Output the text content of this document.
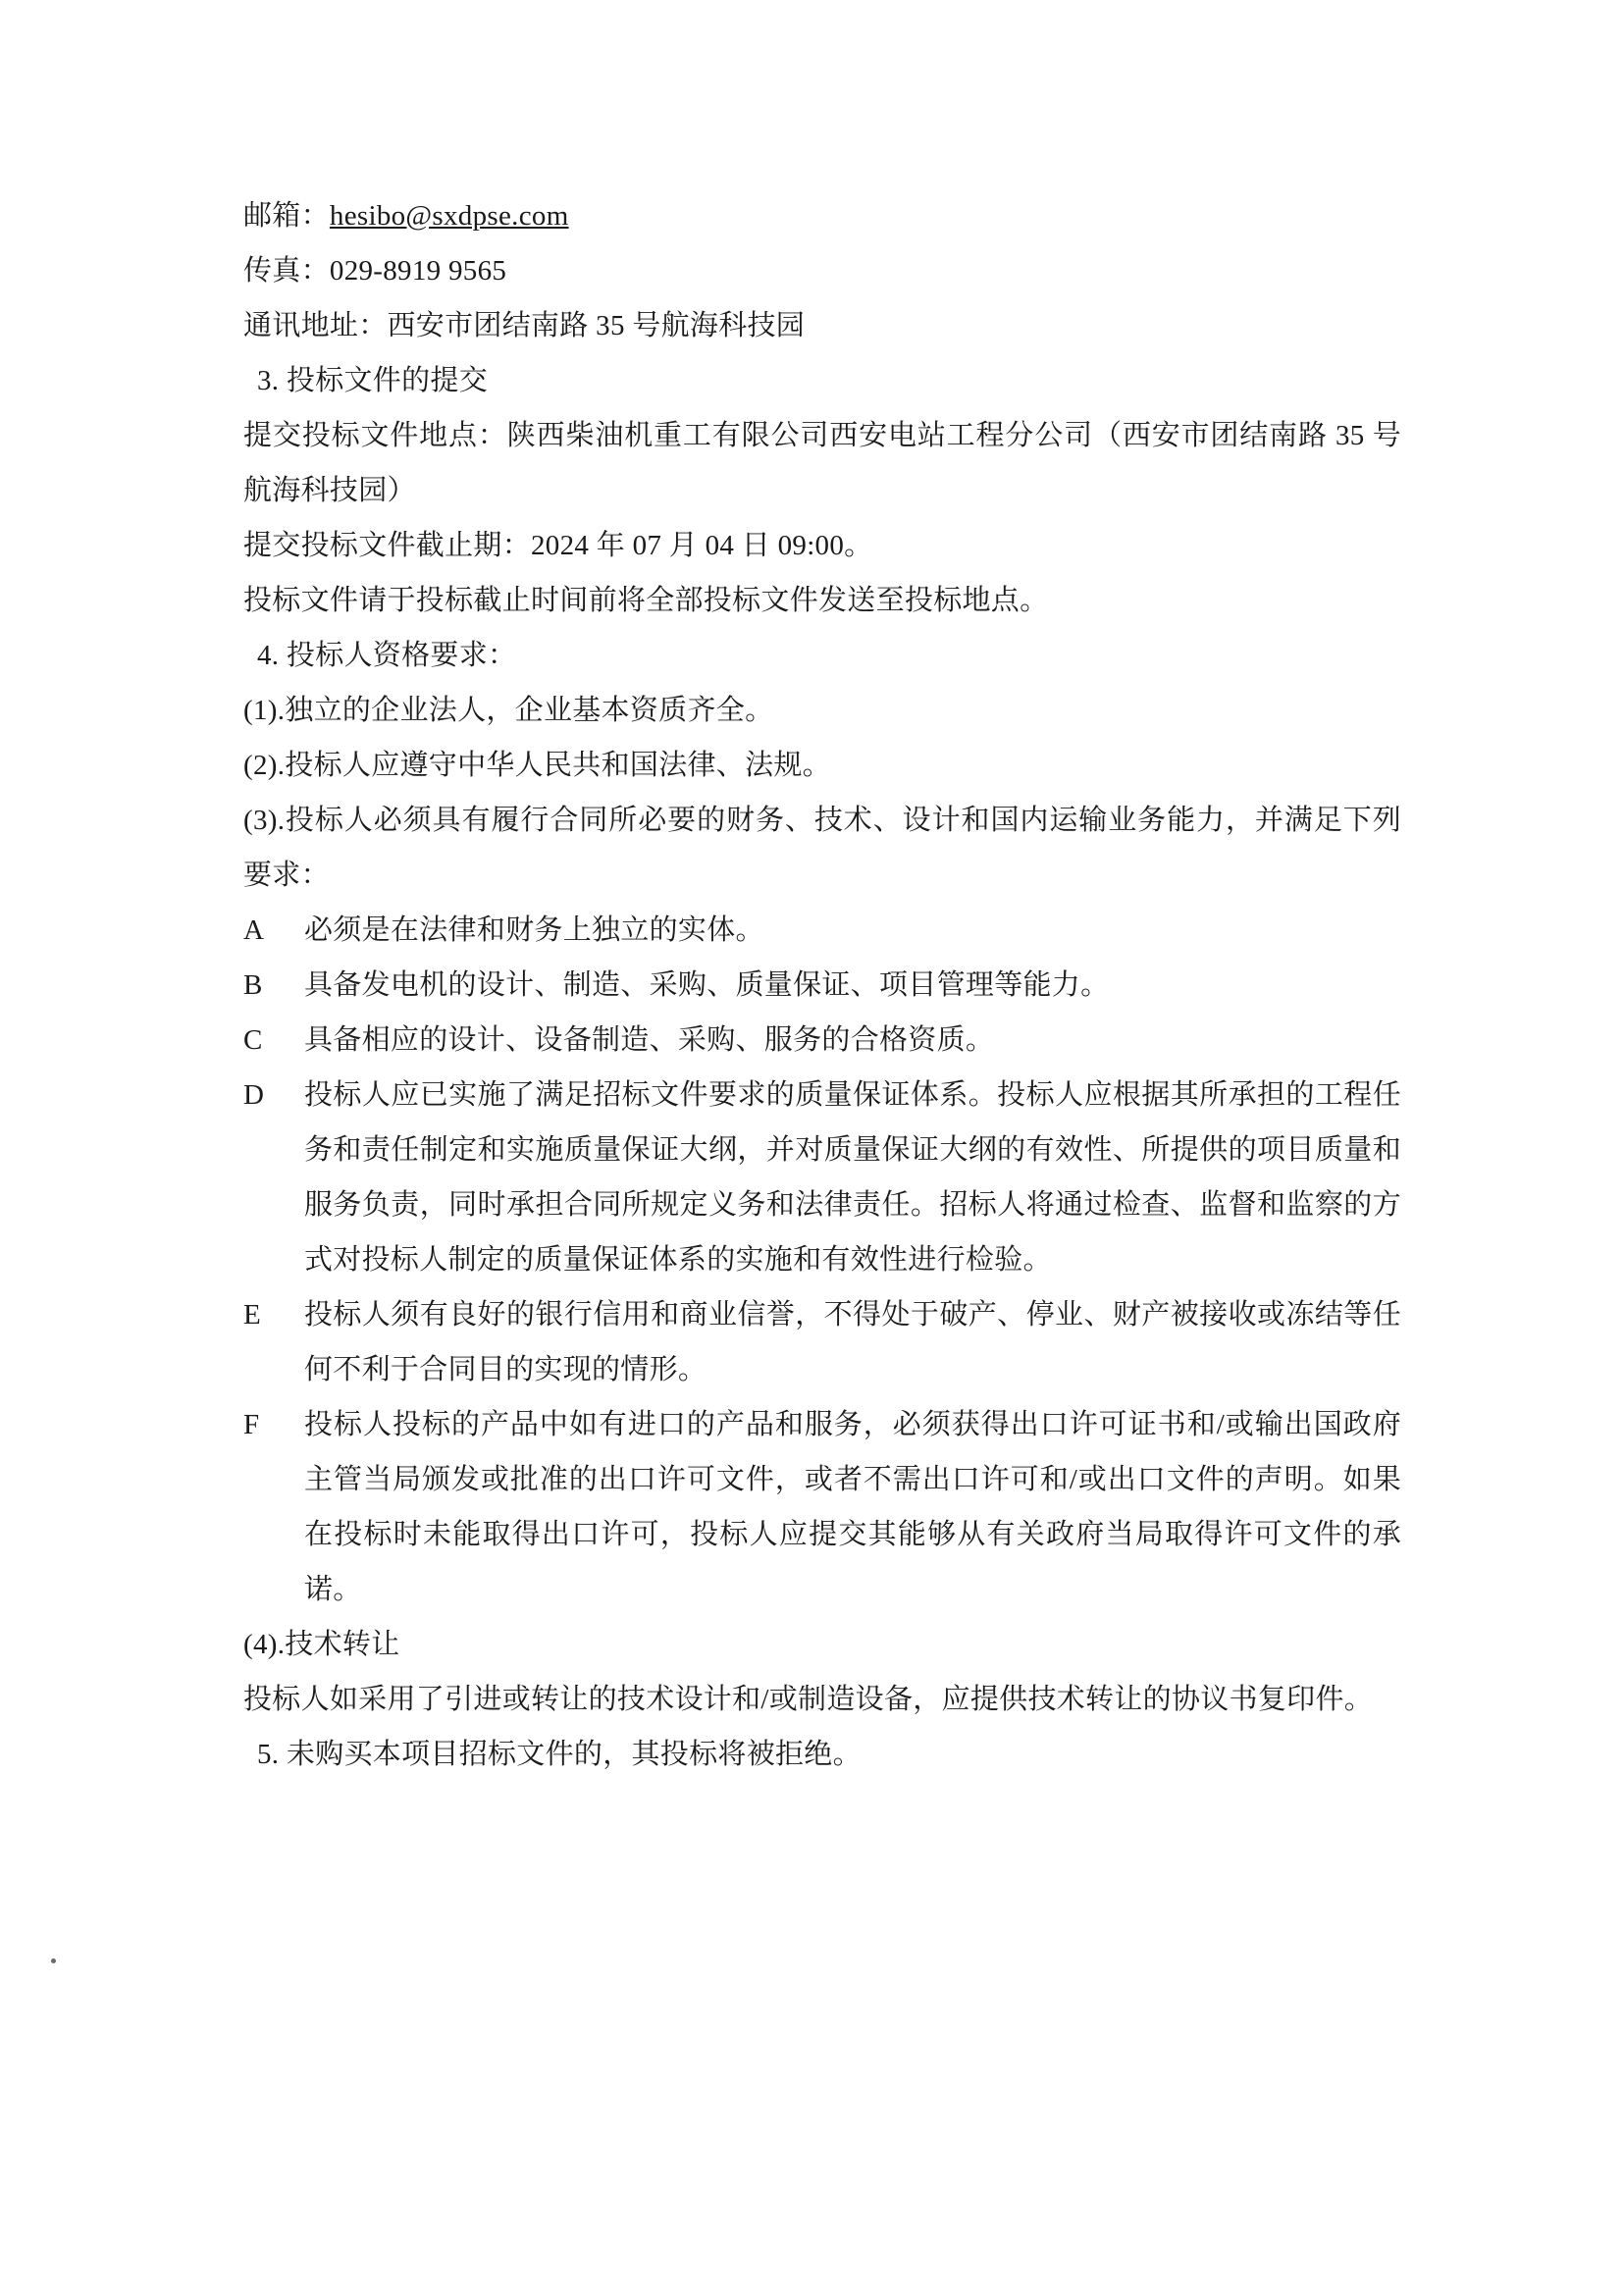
邮箱：hesibo@sxdpse.com
传真：029-8919 9565
通讯地址：西安市团结南路 35 号航海科技园
3. 投标文件的提交
提交投标文件地点：陕西柴油机重工有限公司西安电站工程分公司（西安市团结南路 35 号航海科技园）
提交投标文件截止期：2024 年 07 月 04 日 09:00。
投标文件请于投标截止时间前将全部投标文件发送至投标地点。
4. 投标人资格要求：
(1).独立的企业法人，企业基本资质齐全。
(2).投标人应遵守中华人民共和国法律、法规。
(3).投标人必须具有履行合同所必要的财务、技术、设计和国内运输业务能力，并满足下列要求：
A	必须是在法律和财务上独立的实体。
B	具备发电机的设计、制造、采购、质量保证、项目管理等能力。
C	具备相应的设计、设备制造、采购、服务的合格资质。
D	投标人应已实施了满足招标文件要求的质量保证体系。投标人应根据其所承担的工程任务和责任制定和实施质量保证大纲，并对质量保证大纲的有效性、所提供的项目质量和服务负责，同时承担合同所规定义务和法律责任。招标人将通过检查、监督和监察的方式对投标人制定的质量保证体系的实施和有效性进行检验。
E	投标人须有良好的银行信用和商业信誉，不得处于破产、停业、财产被接收或冻结等任何不利于合同目的实现的情形。
F	投标人投标的产品中如有进口的产品和服务，必须获得出口许可证书和/或输出国政府主管当局颁发或批准的出口许可文件，或者不需出口许可和/或出口文件的声明。如果在投标时未能取得出口许可，投标人应提交其能够从有关政府当局取得许可文件的承诺。
(4).技术转让
投标人如采用了引进或转让的技术设计和/或制造设备，应提供技术转让的协议书复印件。
5. 未购买本项目招标文件的，其投标将被拒绝。
